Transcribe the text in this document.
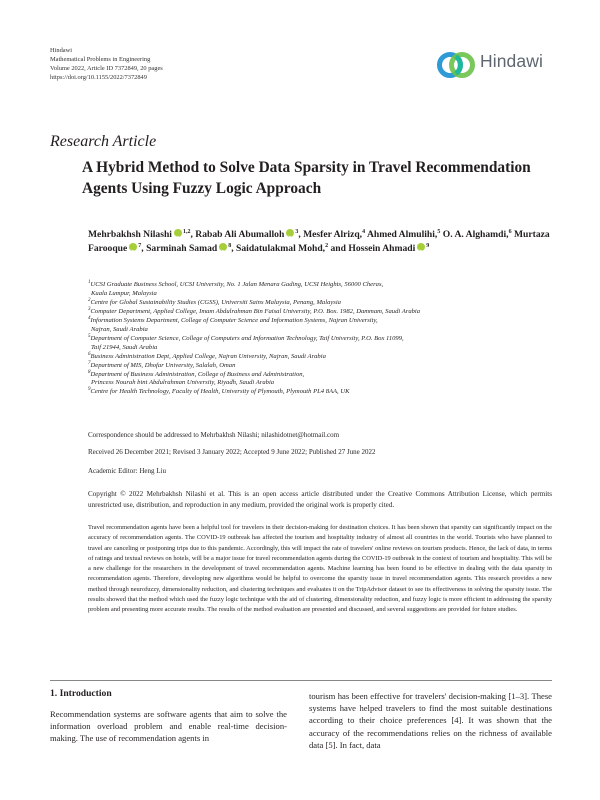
Hindawi
Mathematical Problems in Engineering
Volume 2022, Article ID 7372849, 20 pages
https://doi.org/10.1155/2022/7372849
Hindawi
Research Article
A Hybrid Method to Solve Data Sparsity in Travel Recommendation Agents Using Fuzzy Logic Approach
Mehrbakhsh Nilashi iD $^{1,2}$, Rabab Ali Abumalloh iD $^3$, Mesfer Alrizq,$^4$ Ahmed Almulihi,$^5$ O. A. Alghamdi,$^6$ Murtaza Farooque iD $^7$, Sarminah Samad iD $^8$, Saidatulakmal Mohd,$^2$ and Hossein Ahmadi iD $^9$
$^1$UCSI Graduate Business School, UCSI University, No. 1 Jalan Menara Gading, UCSI Heights, 56000 Cheras,
Kuala Lumpur, Malaysia
$^2$Centre for Global Sustainability Studies (CGSS), Universiti Sains Malaysia, Penang, Malaysia
$^3$Computer Department, Applied College, Imam Abdulrahman Bin Faisal University, P.O. Box. 1982, Dammam, Saudi Arabia
$^4$Information Systems Department, College of Computer Science and Information Systems, Najran University,
Najran, Saudi Arabia
$^5$Department of Computer Science, College of Computers and Information Technology, Taif University, P.O. Box 11099,
Taif 21944, Saudi Arabia
$^6$Business Administration Dept, Applied College, Najran University, Najran, Saudi Arabia
$^7$Department of MIS, Dhofar University, Salalah, Oman
$^8$Department of Business Administration, College of Business and Administration,
Princess Nourah bint Abdulrahman University, Riyadh, Saudi Arabia
$^9$Centre for Health Technology, Faculty of Health, University of Plymouth, Plymouth PL4 8AA, UK
Correspondence should be addressed to Mehrbakhsh Nilashi; nilashidotnet@hotmail.com
Received 26 December 2021; Revised 3 January 2022; Accepted 9 June 2022; Published 27 June 2022
Academic Editor: Heng Liu
Copyright © 2022 Mehrbakhsh Nilashi et al. This is an open access article distributed under the Creative Commons Attribution License, which permits unrestricted use, distribution, and reproduction in any medium, provided the original work is properly cited.
Travel recommendation agents have been a helpful tool for travelers in their decision-making for destination choices. It has been shown that sparsity can significantly impact on the accuracy of recommendation agents. The COVID-19 outbreak has affected the tourism and hospitality industry of almost all countries in the world. Tourists who have planned to travel are canceling or postponing trips due to this pandemic. Accordingly, this will impact the rate of travelers' online reviews on tourism products. Hence, the lack of data, in terms of ratings and textual reviews on hotels, will be a major issue for travel recommendation agents during the COVID-19 outbreak in the context of tourism and hospitality. This will be a new challenge for the researchers in the development of travel recommendation agents. Machine learning has been found to be effective in dealing with the data sparsity in recommendation agents. Therefore, developing new algorithms would be helpful to overcome the sparsity issue in travel recommendation agents. This research provides a new method through neurofuzzy, dimensionality reduction, and clustering techniques and evaluates it on the TripAdvisor dataset to see its effectiveness in solving the sparsity issue. The results showed that the method which used the fuzzy logic technique with the aid of clustering, dimensionality reduction, and fuzzy logic is more efficient in addressing the sparsity problem and presenting more accurate results. The results of the method evaluation are presented and discussed, and several suggestions are provided for future studies.
1. Introduction
Recommendation systems are software agents that aim to solve the information overload problem and enable real-time decision-making. The use of recommendation agents in
tourism has been effective for travelers' decision-making [1–3]. These systems have helped travelers to find the most suitable destinations according to their choice preferences [4]. It was shown that the accuracy of the recommendations relies on the richness of available data [5]. In fact, data
